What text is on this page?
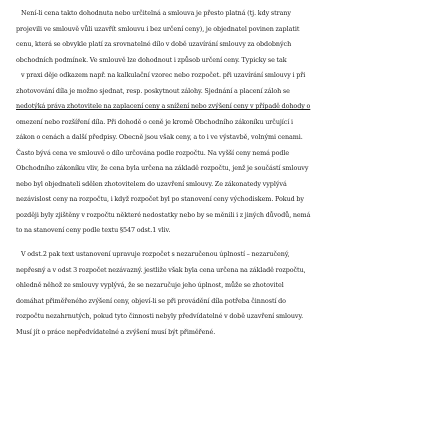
Není-li cena takto dohodnuta nebo určitelná a smlouva je přesto platná (tj. kdy strany
projevili ve smlouvě vůli uzavřít smlouvu i bez určení ceny), je objednatel povinen zaplatit
cenu, která se obvykle platí za srovnatelné dílo v době uzavírání smlouvy za obdobných
obchodních podmínek. Ve smlouvě lze dohodnout i způsob určení ceny. Typicky se tak
v praxi děje odkazem např. na kalkulační vzorec nebo rozpočet. při uzavírání smlouvy i při
zhotovování díla je možno sjednat, resp. poskytnout zálohy. Sjednání a placení záloh se
nedotýká práva zhotovitele na zaplacení ceny a snížení nebo zvýšení ceny v případě dohody o
omezení nebo rozšíření díla. Při dohodě o ceně je kromě Obchodního zákoníku určující i
zákon o cenách a další předpisy. Obecně jsou však ceny, a to i ve výstavbě, volnými cenami.
Často bývá cena ve smlouvě o dílo určována podle rozpočtu. Na vyšší ceny nemá podle
Obchodního zákoníku vliv, že cena byla určena na základě rozpočtu, jenž je součástí smlouvy
nebo byl objednateli sdělen zhotovitelem do uzavření smlouvy. Ze zákonatedy vyplývá
nezávislost ceny na rozpočtu, i když rozpočet byl po stanovení ceny východiskem. Pokud by
později byly zjištěny v rozpočtu některé nedostatky nebo by se měnili i z jiných důvodů, nemá
to na stanovení ceny podle textu §547 odst.1 vliv.
V odst.2 pak text ustanovení upravuje rozpočet s nezaručenou úplností – nezaručený,
nepřesný a v odst 3 rozpočet nezávazný. jestliže však byla cena určena na základě rozpočtu,
ohledně něhož ze smlouvy vyplývá, že se nezaručuje jeho úplnost, může se zhotovitel
domáhat přiměřeného zvýšení ceny, objeví-li se při provádění díla potřeba činností do
rozpočtu nezahrnutých, pokud tyto činnosti nebyly předvídatelné v době uzavření smlouvy.
Musí jít o práce nepředvídatelné a zvýšení musí být přiměřené.
